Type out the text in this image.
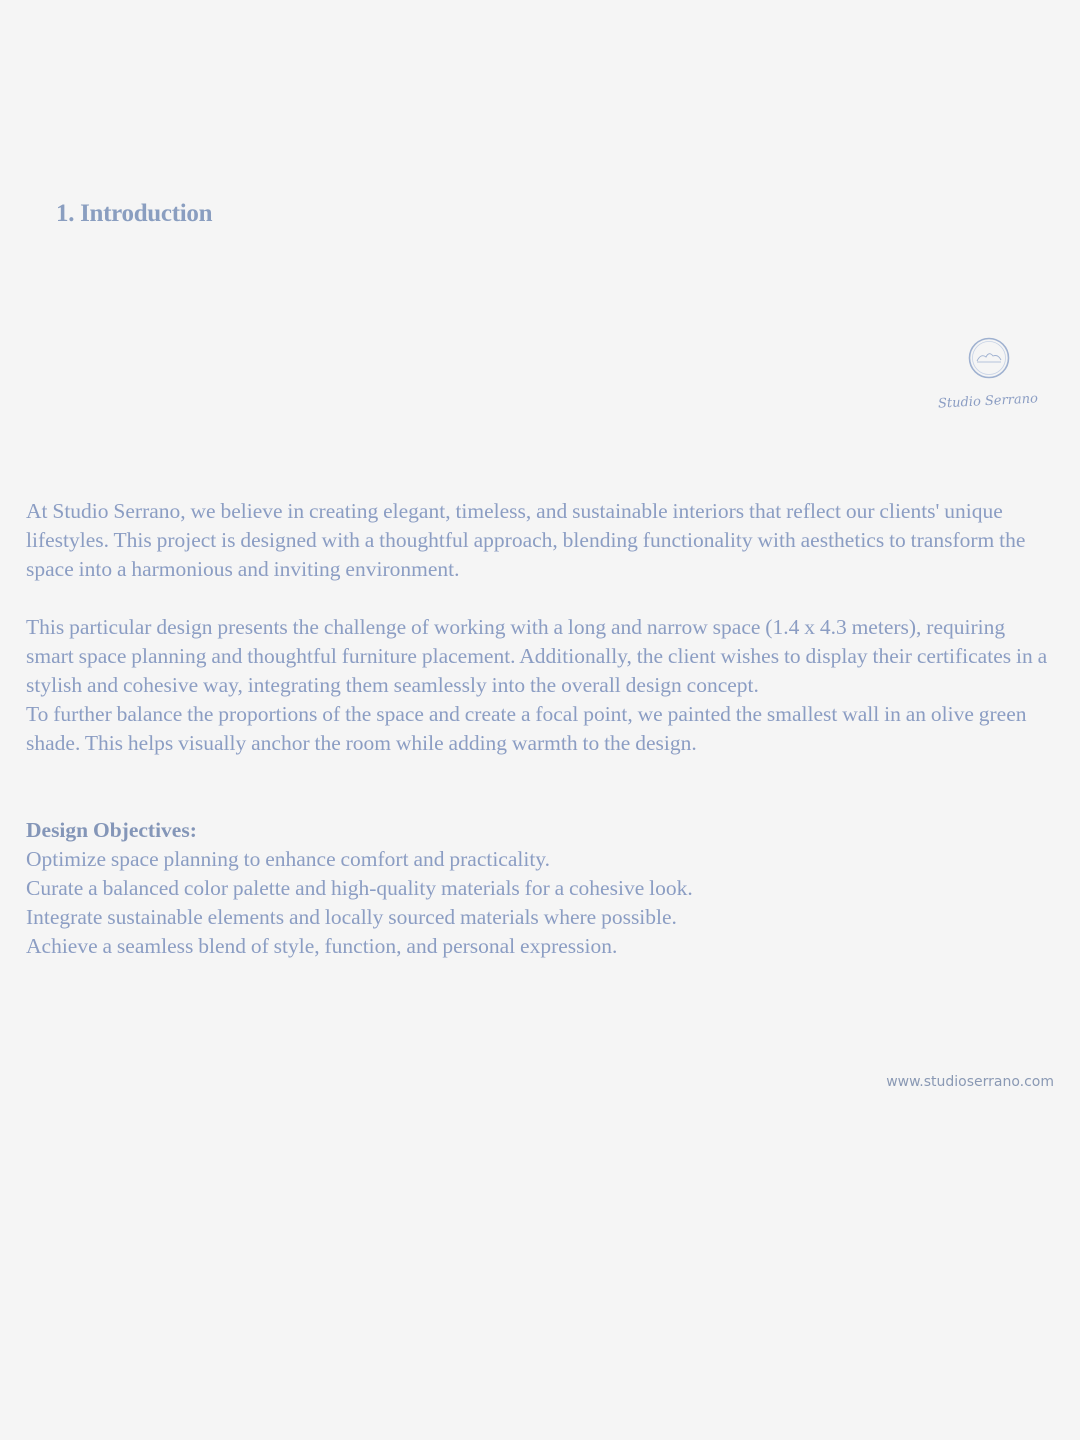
1. Introduction
Studio Serrano

At Studio Serrano, we believe in creating elegant, timeless, and sustainable interiors that reflect our clients' unique lifestyles. This project is designed with a thoughtful approach, blending functionality with aesthetics to transform the space into a harmonious and inviting environment.

This particular design presents the challenge of working with a long and narrow space (1.4 x 4.3 meters), requiring smart space planning and thoughtful furniture placement. Additionally, the client wishes to display their certificates in a stylish and cohesive way, integrating them seamlessly into the overall design concept.

To further balance the proportions of the space and create a focal point, we painted the smallest wall in an olive green shade. This helps visually anchor the room while adding warmth to the design.

Design Objectives:

Optimize space planning to enhance comfort and practicality.

Curate a balanced color palette and high-quality materials for a cohesive look.

Integrate sustainable elements and locally sourced materials where possible.

Achieve a seamless blend of style, function, and personal expression.

www.studioserrano.com
